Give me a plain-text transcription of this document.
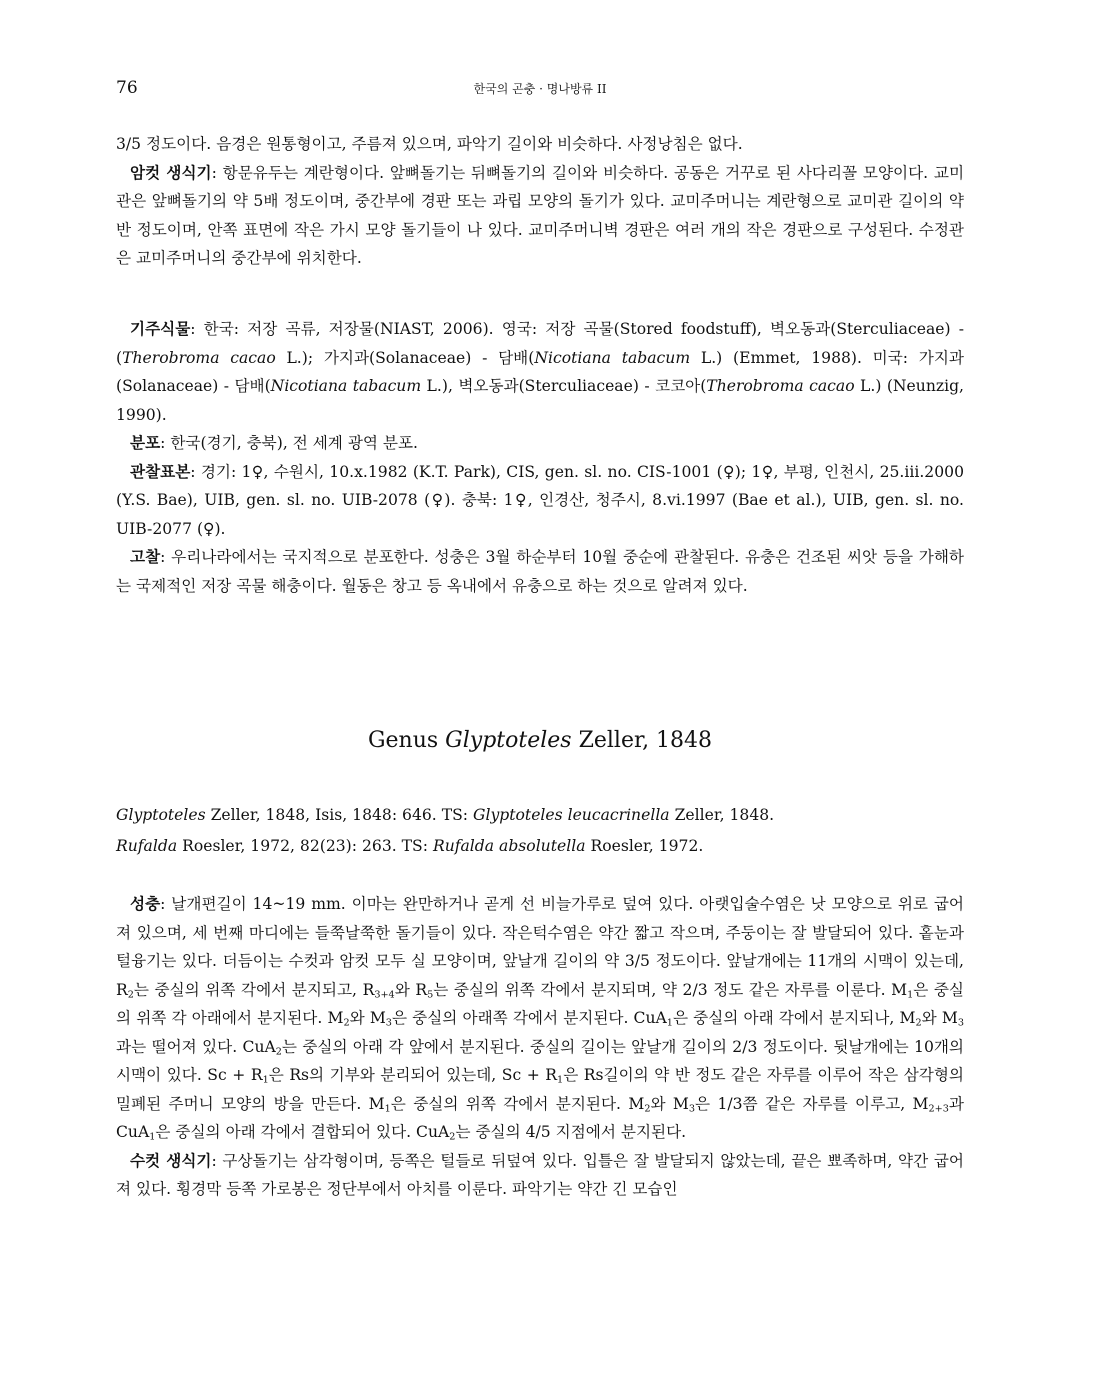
76	한국의 곤충 · 명나방류 II

3/5 정도이다. 음경은 원통형이고, 주름져 있으며, 파악기 길이와 비슷하다. 사정낭침은 없다.

암컷 생식기: 항문유두는 계란형이다. 앞뼈돌기는 뒤뼈돌기의 길이와 비슷하다. 공동은 거꾸로 된 사다리꼴 모양이다. 교미관은 앞뼈돌기의 약 5배 정도이며, 중간부에 경판 또는 과립 모양의 돌기가 있다. 교미주머니는 계란형으로 교미관 길이의 약 반 정도이며, 안쪽 표면에 작은 가시 모양 돌기들이 나 있다. 교미주머니벽 경판은 여러 개의 작은 경판으로 구성된다. 수정관은 교미주머니의 중간부에 위치한다.

기주식물: 한국: 저장 곡류, 저장물(NIAST, 2006). 영국: 저장 곡물(Stored foodstuff), 벽오동과(Sterculiaceae) - (Therobroma cacao L.); 가지과(Solanaceae) - 담배(Nicotiana tabacum L.) (Emmet, 1988). 미국: 가지과(Solanaceae) - 담배(Nicotiana tabacum L.), 벽오동과(Sterculiaceae) - 코코아(Therobroma cacao L.) (Neunzig, 1990).

분포: 한국(경기, 충북), 전 세계 광역 분포.

관찰표본: 경기: 1♀, 수원시, 10.x.1982 (K.T. Park), CIS, gen. sl. no. CIS-1001 (♀); 1♀, 부평, 인천시, 25.iii.2000 (Y.S. Bae), UIB, gen. sl. no. UIB-2078 (♀). 충북: 1♀, 인경산, 청주시, 8.vi.1997 (Bae et al.), UIB, gen. sl. no. UIB-2077 (♀).

고찰: 우리나라에서는 국지적으로 분포한다. 성충은 3월 하순부터 10월 중순에 관찰된다. 유충은 건조된 씨앗 등을 가해하는 국제적인 저장 곡물 해충이다. 월동은 창고 등 옥내에서 유충으로 하는 것으로 알려져 있다.

Genus Glyptoteles Zeller, 1848

Glyptoteles Zeller, 1848, Isis, 1848: 646. TS: Glyptoteles leucacrinella Zeller, 1848.

Rufalda Roesler, 1972, 82(23): 263. TS: Rufalda absolutella Roesler, 1972.

성충: 날개편길이 14~19 mm. 이마는 완만하거나 곧게 선 비늘가루로 덮여 있다. 아랫입술수염은 낫 모양으로 위로 굽어져 있으며, 세 번째 마디에는 들쭉날쭉한 돌기들이 있다. 작은턱수염은 약간 짧고 작으며, 주둥이는 잘 발달되어 있다. 홑눈과 털융기는 있다. 더듬이는 수컷과 암컷 모두 실 모양이며, 앞날개 길이의 약 3/5 정도이다. 앞날개에는 11개의 시맥이 있는데, $R_2$는 중실의 위쪽 각에서 분지되고, $R_{3+4}$와 $R_5$는 중실의 위쪽 각에서 분지되며, 약 2/3 정도 같은 자루를 이룬다. $M_1$은 중실의 위쪽 각 아래에서 분지된다. $M_2$와 $M_3$은 중실의 아래쪽 각에서 분지된다. CuA$_1$은 중실의 아래 각에서 분지되나, $M_2$와 $M_3$과는 떨어져 있다. CuA$_2$는 중실의 아래 각 앞에서 분지된다. 중실의 길이는 앞날개 길이의 2/3 정도이다. 뒷날개에는 10개의 시맥이 있다. $Sc + R_1$은 Rs의 기부와 분리되어 있는데, $Sc + R_1$은 Rs길이의 약 반 정도 같은 자루를 이루어 작은 삼각형의 밀폐된 주머니 모양의 방을 만든다. $M_1$은 중실의 위쪽 각에서 분지된다. $M_2$와 $M_3$은 1/3쯤 같은 자루를 이루고, $M_{2+3}$과 CuA$_1$은 중실의 아래 각에서 결합되어 있다. CuA$_2$는 중실의 4/5 지점에서 분지된다.

수컷 생식기: 구상돌기는 삼각형이며, 등쪽은 털들로 뒤덮여 있다. 입틀은 잘 발달되지 않았는데, 끝은 뾰족하며, 약간 굽어져 있다. 횡경막 등쪽 가로봉은 정단부에서 아치를 이룬다. 파악기는 약간 긴 모습인
